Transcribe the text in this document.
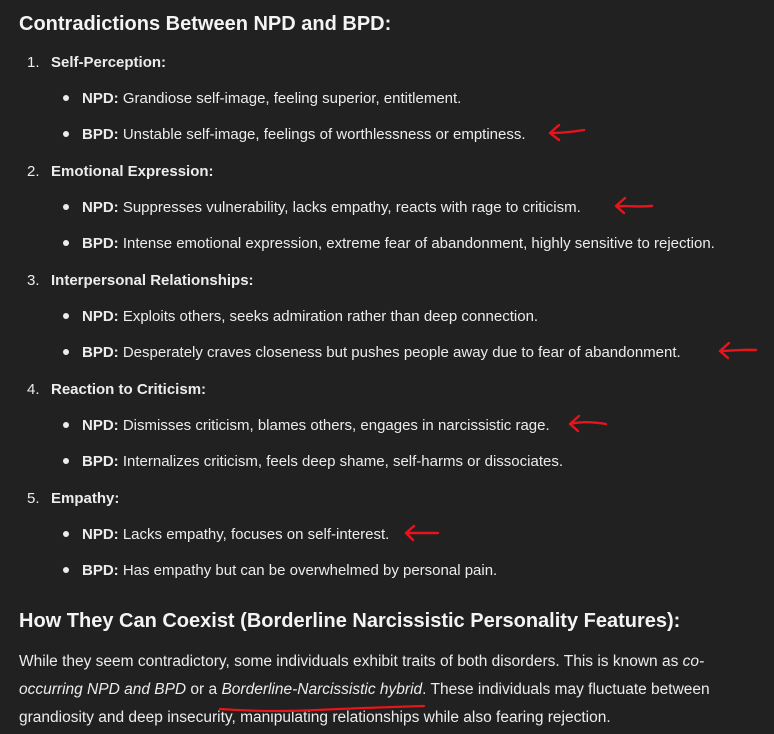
Contradictions Between NPD and BPD:
1. Self-Perception:
NPD: Grandiose self-image, feeling superior, entitlement.
BPD: Unstable self-image, feelings of worthlessness or emptiness.
2. Emotional Expression:
NPD: Suppresses vulnerability, lacks empathy, reacts with rage to criticism.
BPD: Intense emotional expression, extreme fear of abandonment, highly sensitive to rejection.
3. Interpersonal Relationships:
NPD: Exploits others, seeks admiration rather than deep connection.
BPD: Desperately craves closeness but pushes people away due to fear of abandonment.
4. Reaction to Criticism:
NPD: Dismisses criticism, blames others, engages in narcissistic rage.
BPD: Internalizes criticism, feels deep shame, self-harms or dissociates.
5. Empathy:
NPD: Lacks empathy, focuses on self-interest.
BPD: Has empathy but can be overwhelmed by personal pain.
How They Can Coexist (Borderline Narcissistic Personality Features):

While they seem contradictory, some individuals exhibit traits of both disorders. This is known as co-occurring NPD and BPD or a Borderline-Narcissistic hybrid
. These individuals may fluctuate between grandiosity and deep insecurity, manipulating relationships while also fearing rejection.
